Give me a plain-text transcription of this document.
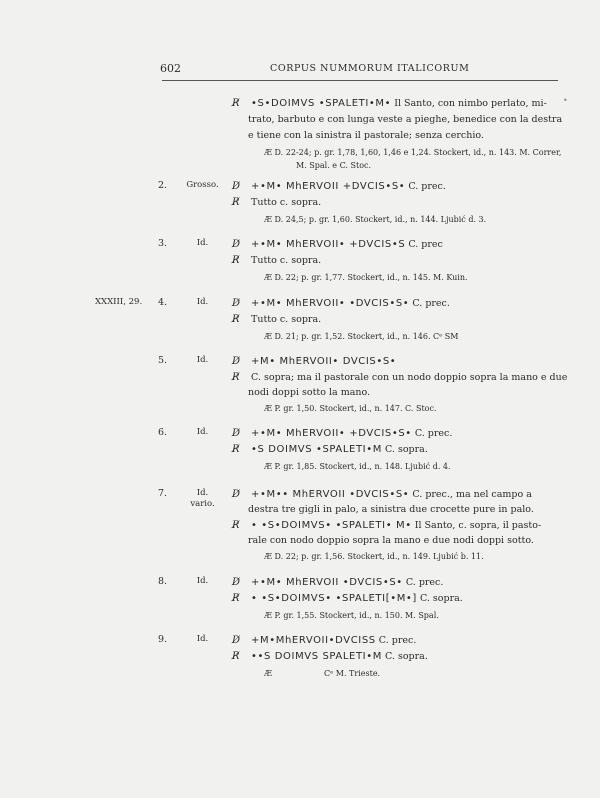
602	CORPUS NUMMORUM ITALICORUM
•
R̸ •S•DOIMVS •SPALETI•M• Il Santo, con nimbo perlato, mi-
trato, barbuto e con lunga veste a pieghe, benedice con la destra
e tiene con la sinistra il pastorale; senza cerchio.
Æ D. 22-24; p. gr. 1,78, 1,60, 1,46 e 1,24. Stockert, id., n. 143. M. Correr,
M. Spal. e C. Stoc.
2.	Grosso.	D̸ +•M• MhERVOII +DVCIS•S• C. prec.
R̸ Tutto c. sopra.
Æ D. 24,5; p. gr. 1,60. Stockert, id., n. 144. Ljubić d. 3.
3.	Id.	D̸ +•M• MhERVOII• +DVCIS•S C. prec
R̸ Tutto c. sopra.
Æ D. 22; p. gr. 1,77. Stockert, id., n. 145. M. Kuin.
XXXIII, 29. 4.	Id.	D̸ +•M• MhERVOII• •DVCIS•S• C. prec.
R̸ Tutto c. sopra.
Æ D. 21; p. gr. 1,52. Stockert, id., n. 146. Cᵉ SM
5.	Id.	D̸ +M• MhERVOII• DVCIS•S•
R̸ C. sopra; ma il pastorale con un nodo doppio sopra la mano e due
nodi doppi sotto la mano.
Æ P. gr. 1,50. Stockert, id., n. 147. C. Stoc.
6.	Id.	D̸ +•M• MhERVOII• +DVCIS•S• C. prec.
R̸ •S DOIMVS •SPALETI•M C. sopra.
Æ P. gr. 1,85. Stockert, id., n. 148. Ljubić d. 4.
7.	Id.
vario.
D̸ +•M•• MhERVOII •DVCIS•S• C. prec., ma nel campo a
destra tre gigli in palo, a sinistra due crocette pure in palo.
R̸ • •S•DOIMVS• •SPALETI• M• Il Santo, c. sopra, il pasto-
rale con nodo doppio sopra la mano e due nodi doppi sotto.
Æ D. 22; p. gr. 1,56. Stockert, id., n. 149. Ljubić b. 11.
8.	Id.	D̸ +•M• MhERVOII •DVCIS•S• C. prec.
R̸ • •S•DOIMVS• •SPALETI[•M•] C. sopra.
Æ P. gr. 1,55. Stockert, id., n. 150. M. Spal.
9.	Id.	D̸ +M•MhERVOII•DVCISS C. prec.
R̸ ••S DOIMVS SPALETI•M C. sopra.
Æ	Cᵉ M. Trieste.
